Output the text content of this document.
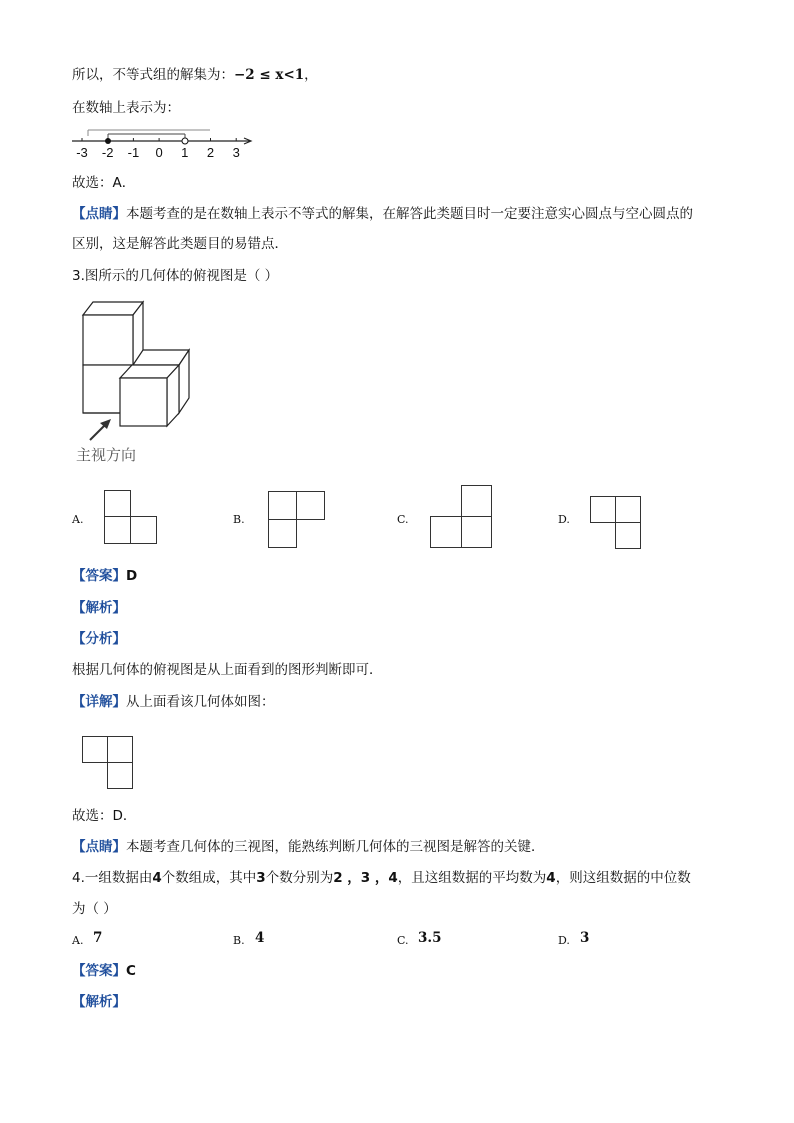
所以，不等式组的解集为：−2 ≤ x<1，
在数轴上表示为：
-3 -2 -1 0 1 2 3
故选：A．
【点睛】本题考查的是在数轴上表示不等式的解集，在解答此类题目时一定要注意实心圆点与空心圆点的
区别，这是解答此类题目的易错点．
3.图所示的几何体的俯视图是（ ）
主视方向
A.	B.	C.	D.
【答案】D
【解析】
【分析】
根据几何体的俯视图是从上面看到的图形判断即可．
【详解】从上面看该几何体如图：
故选：D．
【点睛】本题考查几何体的三视图，能熟练判断几何体的三视图是解答的关键．
4.一组数据由4个数组成，其中3个数分别为2 ，3 ，4，且这组数据的平均数为4，则这组数据的中位数
为（ ）
A. 7	B. 4	C. 3.5	D. 3
【答案】C
【解析】
